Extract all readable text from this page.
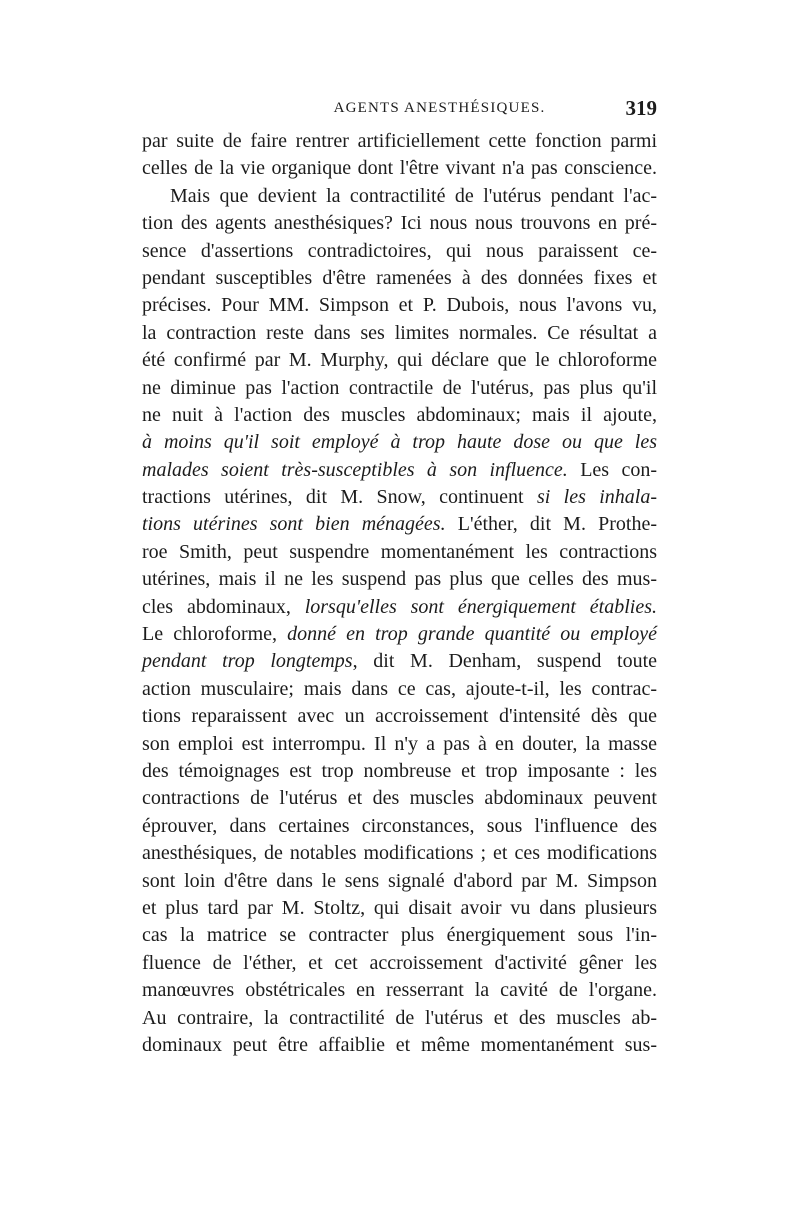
AGENTS ANESTHÉSIQUES.	319
par suite de faire rentrer artificiellement cette fonction parmi
celles de la vie organique dont l'être vivant n'a pas conscience.
Mais que devient la contractilité de l'utérus pendant l'ac-
tion des agents anesthésiques? Ici nous nous trouvons en pré-
sence d'assertions contradictoires, qui nous paraissent ce-
pendant susceptibles d'être ramenées à des données fixes et
précises. Pour MM. Simpson et P. Dubois, nous l'avons vu,
la contraction reste dans ses limites normales. Ce résultat a
été confirmé par M. Murphy, qui déclare que le chloroforme
ne diminue pas l'action contractile de l'utérus, pas plus qu'il
ne nuit à l'action des muscles abdominaux; mais il ajoute,
à moins qu'il soit employé à trop haute dose ou que les
malades soient très-susceptibles à son influence. Les con-
tractions utérines, dit M. Snow, continuent si les inhala-
tions utérines sont bien ménagées. L'éther, dit M. Prothe-
roe Smith, peut suspendre momentanément les contractions
utérines, mais il ne les suspend pas plus que celles des mus-
cles abdominaux, lorsqu'elles sont énergiquement établies.
Le chloroforme, donné en trop grande quantité ou employé
pendant trop longtemps, dit M. Denham, suspend toute
action musculaire; mais dans ce cas, ajoute-t-il, les contrac-
tions reparaissent avec un accroissement d'intensité dès que
son emploi est interrompu. Il n'y a pas à en douter, la masse
des témoignages est trop nombreuse et trop imposante : les
contractions de l'utérus et des muscles abdominaux peuvent
éprouver, dans certaines circonstances, sous l'influence des
anesthésiques, de notables modifications ; et ces modifications
sont loin d'être dans le sens signalé d'abord par M. Simpson
et plus tard par M. Stoltz, qui disait avoir vu dans plusieurs
cas la matrice se contracter plus énergiquement sous l'in-
fluence de l'éther, et cet accroissement d'activité gêner les
manœuvres obstétricales en resserrant la cavité de l'organe.
Au contraire, la contractilité de l'utérus et des muscles ab-
dominaux peut être affaiblie et même momentanément sus-
